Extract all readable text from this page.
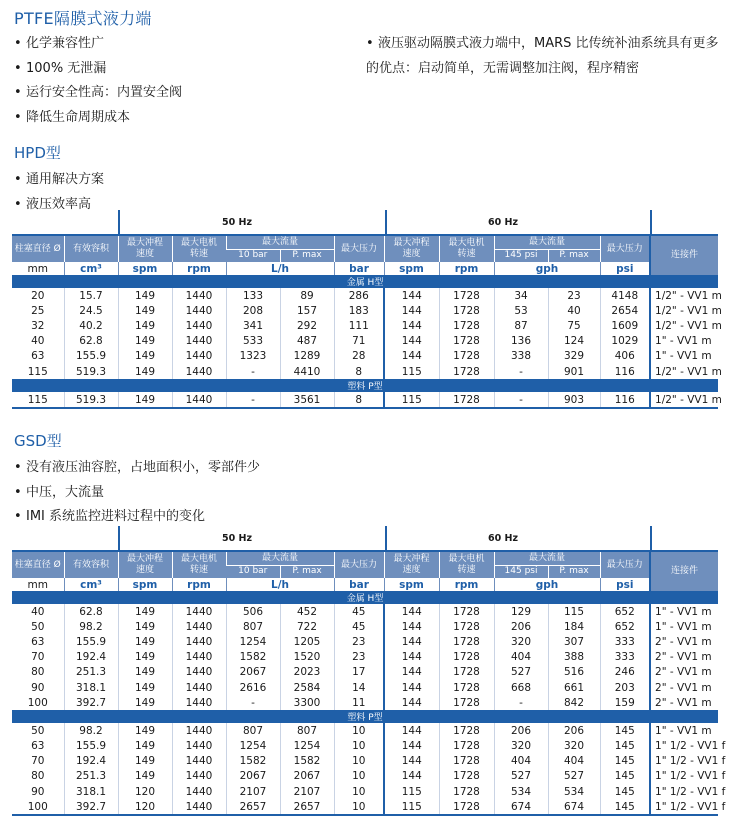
PTFE隔膜式液力端
• 化学兼容性广
• 100% 无泄漏
• 运行安全性高：内置安全阀
• 降低生命周期成本
• 液压驱动隔膜式液力端中，MARS 比传统补油系统具有更多的优点：启动简单，无需调整加注阀，程序精密
HPD型
• 通用解决方案
• 液压效率高
50 Hz	60 Hz
柱塞直径 Ø	有效容积	最大冲程速度	最大电机转速	最大流量		最大压力	最大冲程速度	最大电机转速	最大流量		最大压力	连接件
				10 bar	P. max				145 psi	P. max		
mm	cm³	spm	rpm	L/h		bar	spm	rpm	gph		psi	
金属 H型												
20	15.7	149	1440	133	89	286	144	1728	34	23	4148	1/2" - VV1 m
25	24.5	149	1440	208	157	183	144	1728	53	40	2654	1/2" - VV1 m
32	40.2	149	1440	341	292	111	144	1728	87	75	1609	1/2" - VV1 m
40	62.8	149	1440	533	487	71	144	1728	136	124	1029	1" - VV1 m
63	155.9	149	1440	1323	1289	28	144	1728	338	329	406	1" - VV1 m
115	519.3	149	1440	-	4410	8	115	1728	-	901	116	1/2" - VV1 m
塑料 P型												
115	519.3	149	1440	-	3561	8	115	1728	-	903	116	1/2" - VV1 m

GSD型
• 没有液压油容腔，占地面积小，零部件少
• 中压，大流量
• IMI 系统监控进料过程中的变化
50 Hz	60 Hz
柱塞直径 Ø	有效容积	最大冲程速度	最大电机转速	最大流量		最大压力	最大冲程速度	最大电机转速	最大流量		最大压力	连接件
				10 bar	P. max				145 psi	P. max		
mm	cm³	spm	rpm	L/h		bar	spm	rpm	gph		psi	
金属 H型												
40	62.8	149	1440	506	452	45	144	1728	129	115	652	1" - VV1 m
50	98.2	149	1440	807	722	45	144	1728	206	184	652	1" - VV1 m
63	155.9	149	1440	1254	1205	23	144	1728	320	307	333	2" - VV1 m
70	192.4	149	1440	1582	1520	23	144	1728	404	388	333	2" - VV1 m
80	251.3	149	1440	2067	2023	17	144	1728	527	516	246	2" - VV1 m
90	318.1	149	1440	2616	2584	14	144	1728	668	661	203	2" - VV1 m
100	392.7	149	1440	-	3300	11	144	1728	-	842	159	2" - VV1 m
塑料 P型												
50	98.2	149	1440	807	807	10	144	1728	206	206	145	1" - VV1 m
63	155.9	149	1440	1254	1254	10	144	1728	320	320	145	1" 1/2 - VV1 f
70	192.4	149	1440	1582	1582	10	144	1728	404	404	145	1" 1/2 - VV1 f
80	251.3	149	1440	2067	2067	10	144	1728	527	527	145	1" 1/2 - VV1 f
90	318.1	120	1440	2107	2107	10	115	1728	534	534	145	1" 1/2 - VV1 f
100	392.7	120	1440	2657	2657	10	115	1728	674	674	145	1" 1/2 - VV1 f
